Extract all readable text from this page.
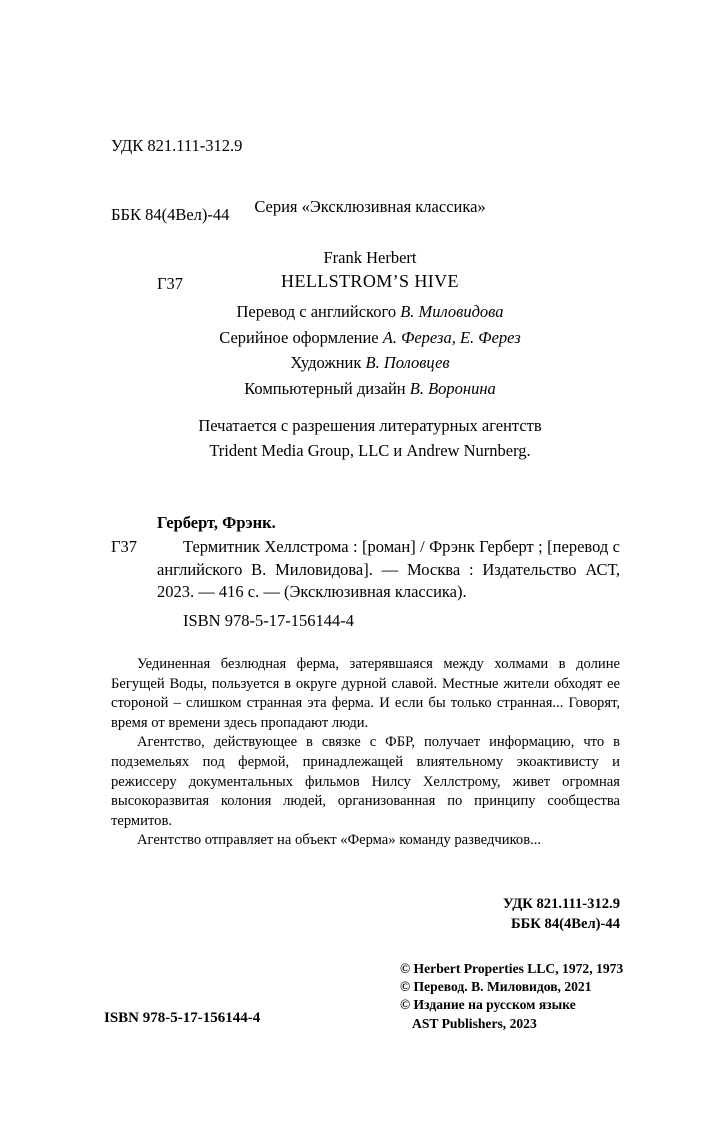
УДК 821.111-312.9

ББК 84(4Вел)-44

Г37

Серия «Эксклюзивная классика»
Frank Herbert
HELLSTROM’S HIVE
Перевод с английского В. Миловидова
Серийное оформление А. Фереза, Е. Ферез
Художник В. Половцев
Компьютерный дизайн В. Воронина
Печатается с разрешения литературных агентств
Trident Media Group, LLC и Andrew Nurnberg.
Г37
Герберт, Фрэнк.
Термитник Хеллстрома : [роман] / Фрэнк Герберт ; [перевод с английского В. Миловидова]. — Москва : Издательство АСТ, 2023. — 416 с. — (Эксклюзивная классика).
ISBN 978-5-17-156144-4

Уединенная безлюдная ферма, затерявшаяся между холмами в долине Бегущей Воды, пользуется в округе дурной славой. Местные жители обходят ее стороной – слишком странная эта ферма. И если бы только странная... Говорят, время от времени здесь пропадают люди.

Агентство, действующее в связке с ФБР, получает информацию, что в подземельях под фермой, принадлежащей влиятельному экоактивисту и режиссеру документальных фильмов Нилсу Хеллстрому, живет огромная высокоразвитая колония людей, организованная по принципу сообщества термитов.

Агентство отправляет на объект «Ферма» команду разведчиков...

УДК 821.111-312.9
ББК 84(4Вел)-44
© Herbert Properties LLC, 1972, 1973
© Перевод. В. Миловидов, 2021
© Издание на русском языке
AST Publishers, 2023
ISBN 978-5-17-156144-4
